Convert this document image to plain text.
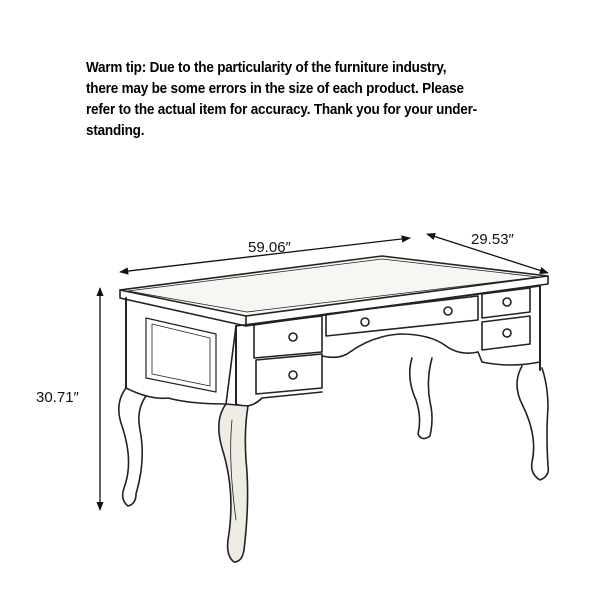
Warm tip: Due to the particularity of the furniture industry,
there may be some errors in the size of each product. Please
refer to the actual item for accuracy. Thank you for your under-
standing.
59.06″	29.53″
30.71″
